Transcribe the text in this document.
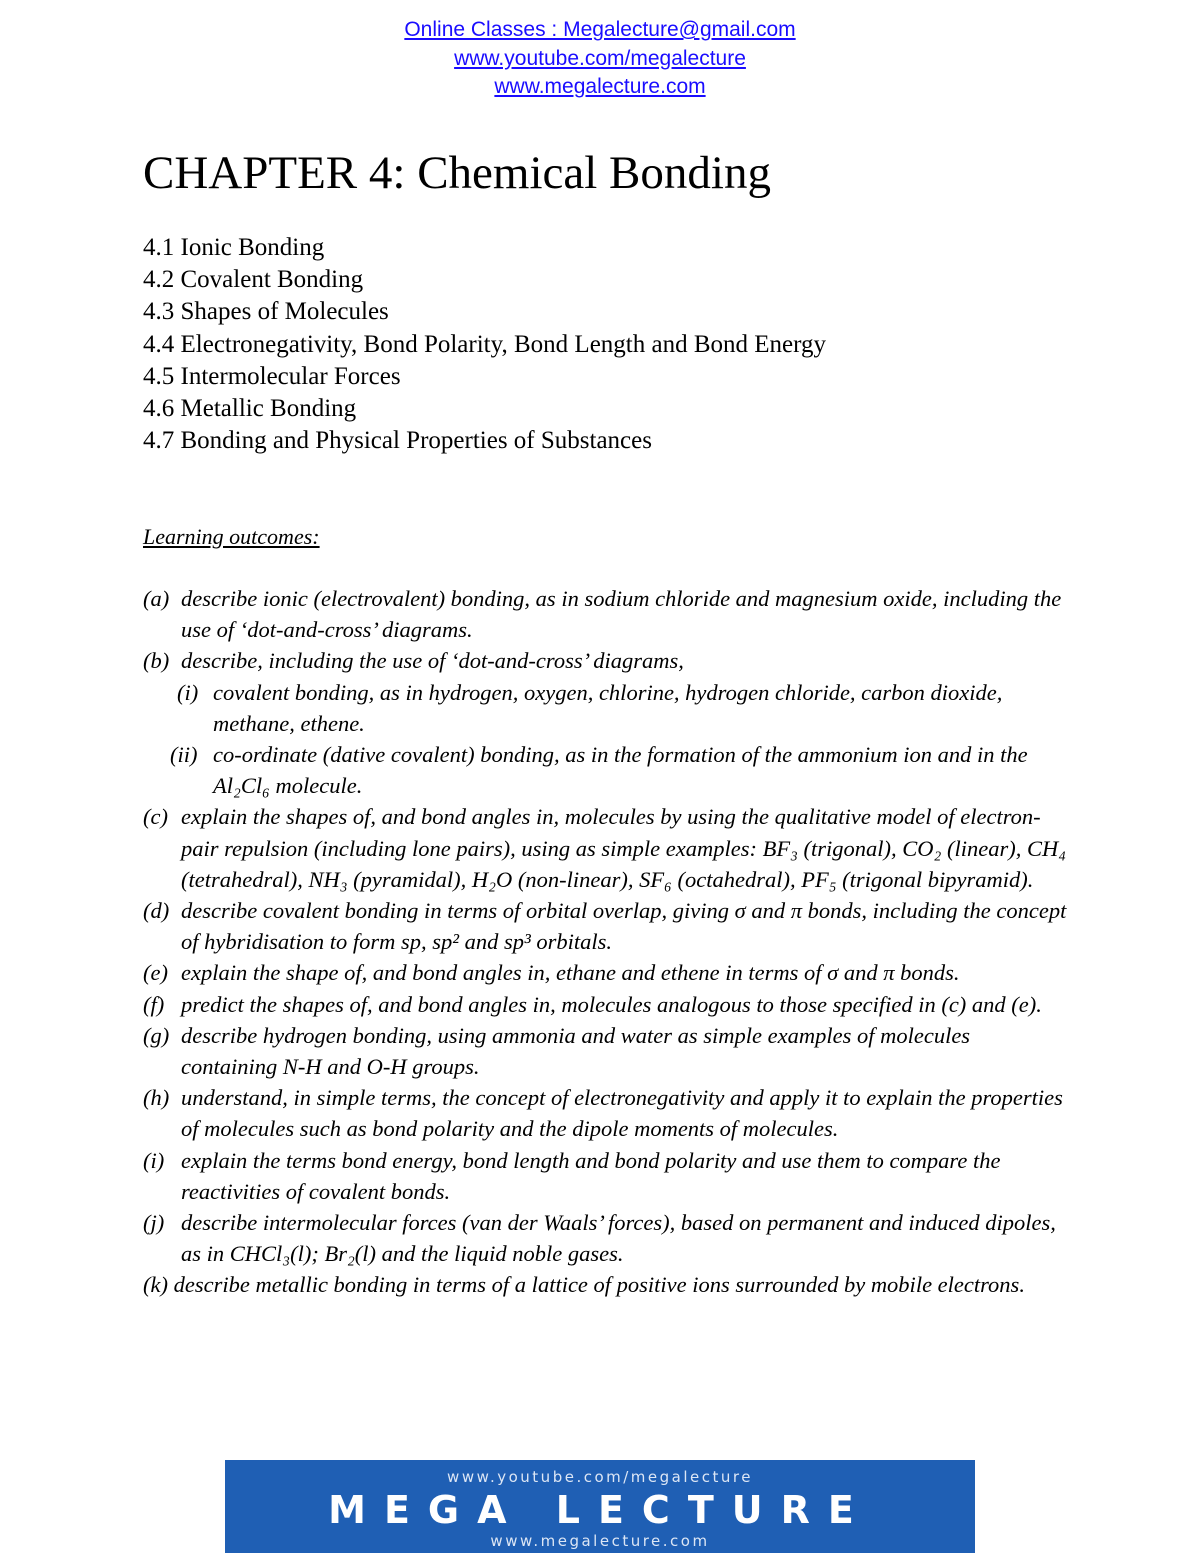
Online Classes : Megalecture@gmail.com
www.youtube.com/megalecture
www.megalecture.com
CHAPTER 4: Chemical Bonding
4.1 Ionic Bonding
4.2 Covalent Bonding
4.3 Shapes of Molecules
4.4 Electronegativity, Bond Polarity, Bond Length and Bond Energy
4.5 Intermolecular Forces
4.6 Metallic Bonding
4.7 Bonding and Physical Properties of Substances
Learning outcomes:
(a) describe ionic (electrovalent) bonding, as in sodium chloride and magnesium oxide, including the use of ‘dot-and-cross’ diagrams.
(b) describe, including the use of ‘dot-and-cross’ diagrams,
(i) covalent bonding, as in hydrogen, oxygen, chlorine, hydrogen chloride, carbon dioxide, methane, ethene.
(ii) co-ordinate (dative covalent) bonding, as in the formation of the ammonium ion and in the Al₂Cl₆ molecule.
(c) explain the shapes of, and bond angles in, molecules by using the qualitative model of electron-pair repulsion (including lone pairs), using as simple examples: BF₃ (trigonal), CO₂ (linear), CH₄ (tetrahedral), NH₃ (pyramidal), H₂O (non-linear), SF₆ (octahedral), PF₅ (trigonal bipyramid).
(d) describe covalent bonding in terms of orbital overlap, giving σ and π bonds, including the concept of hybridisation to form sp, sp² and sp³ orbitals.
(e) explain the shape of, and bond angles in, ethane and ethene in terms of σ and π bonds.
(f) predict the shapes of, and bond angles in, molecules analogous to those specified in (c) and (e).
(g) describe hydrogen bonding, using ammonia and water as simple examples of molecules containing N-H and O-H groups.
(h) understand, in simple terms, the concept of electronegativity and apply it to explain the properties of molecules such as bond polarity and the dipole moments of molecules.
(i) explain the terms bond energy, bond length and bond polarity and use them to compare the reactivities of covalent bonds.
(j) describe intermolecular forces (van der Waals’ forces), based on permanent and induced dipoles, as in CHCl₃(l); Br₂(l) and the liquid noble gases.
(k) describe metallic bonding in terms of a lattice of positive ions surrounded by mobile electrons.
www.youtube.com/megalecture
MEGA LECTURE
www.megalecture.com
